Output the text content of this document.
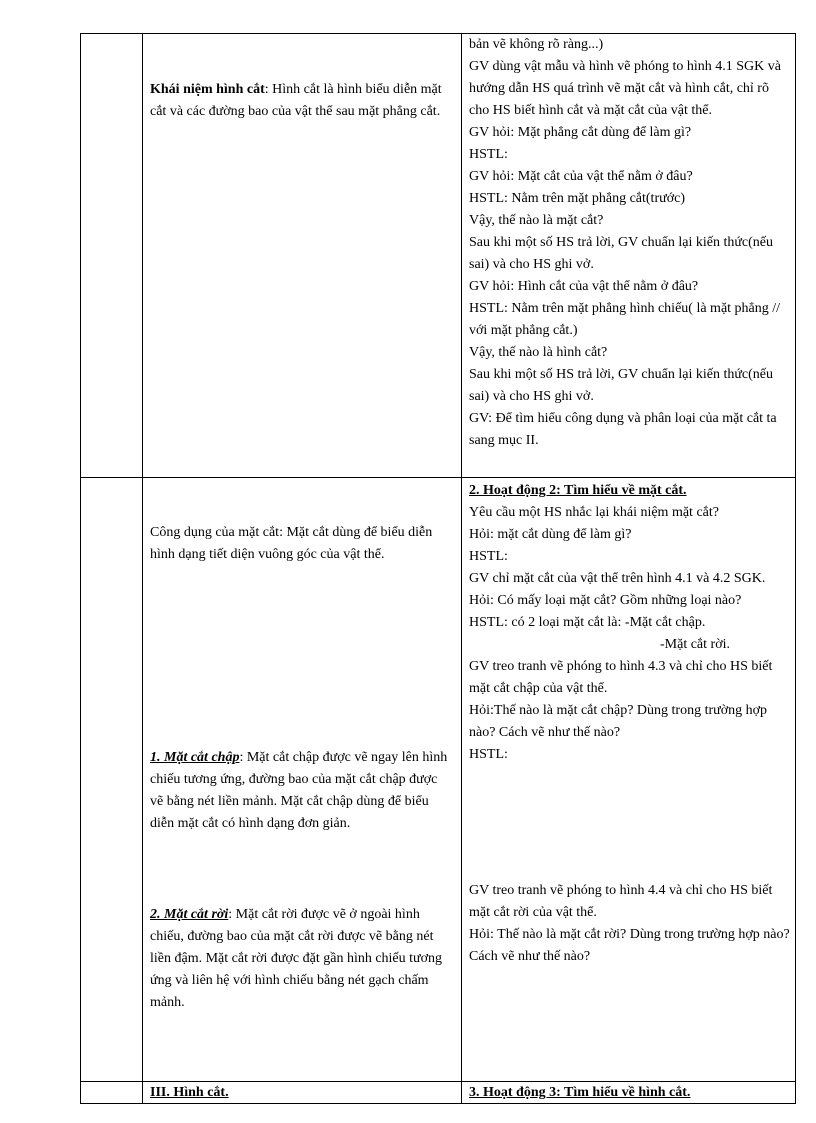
Khái niệm hình cắt: Hình cắt là hình biểu diễn mặt cắt và các đường bao của vật thể sau mặt phẳng cắt.

bản vẽ không rõ ràng...)

GV dùng vật mẫu và hình vẽ phóng to hình 4.1 SGK và hướng dẫn HS quá trình vẽ mặt cắt và hình cắt, chỉ rõ cho HS biết hình cắt và mặt cắt của vật thể.

GV hỏi: Mặt phẳng cắt dùng để làm gì?

HSTL:

GV hỏi: Mặt cắt của vật thể nằm ở đâu?

HSTL: Nằm trên mặt phẳng cắt(trước)

Vậy, thế nào là mặt cắt?

Sau khi một số HS trả lời, GV chuẩn lại kiến thức(nếu sai) và cho HS ghi vở.

GV hỏi: Hình cắt của vật thể nằm ở đâu?

HSTL: Nằm trên mặt phẳng hình chiếu( là mặt phẳng // với mặt phẳng cắt.)

Vậy, thế nào là hình cắt?

Sau khi một số HS trả lời, GV chuẩn lại kiến thức(nếu sai) và cho HS ghi vở.

GV: Để tìm hiểu công dụng và phân loại của mặt cắt ta sang mục II.

Công dụng của mặt cắt: Mặt cắt dùng để biểu diễn hình dạng tiết diện vuông góc của vật thể.

1. Mặt cắt chập: Mặt cắt chập được vẽ ngay lên hình chiếu tương ứng, đường bao của mặt cắt chập được vẽ bằng nét liền mảnh. Mặt cắt chập dùng để biểu diễn mặt cắt có hình dạng đơn giản.

2. Mặt cắt rời: Mặt cắt rời được vẽ ở ngoài hình chiếu, đường bao của mặt cắt rời được vẽ bằng nét liền đậm. Mặt cắt rời được đặt gần hình chiếu tương ứng và liên hệ với hình chiếu bằng nét gạch chấm mảnh.

2. Hoạt động 2: Tìm hiểu về mặt cắt.

Yêu cầu một HS nhắc lại khái niệm mặt cắt?

Hỏi: mặt cắt dùng để làm gì?

HSTL:

GV chỉ mặt cắt của vật thể trên hình 4.1 và 4.2 SGK.

Hỏi: Có mấy loại mặt cắt? Gồm những loại nào?

HSTL: có 2 loại mặt cắt là: -Mặt cắt chập.

-Mặt cắt rời.

GV treo tranh vẽ phóng to hình 4.3 và chỉ cho HS biết mặt cắt chập của vật thể.

Hỏi:Thế nào là mặt cắt chập? Dùng trong trường hợp nào? Cách vẽ như thế nào?

HSTL:

GV treo tranh vẽ phóng to hình 4.4 và chỉ cho HS biết mặt cắt rời của vật thể.

Hỏi: Thế nào là mặt cắt rời? Dùng trong trường hợp nào? Cách vẽ như thế nào?

III. Hình cắt.	3. Hoạt động 3: Tìm hiểu về hình cắt.
